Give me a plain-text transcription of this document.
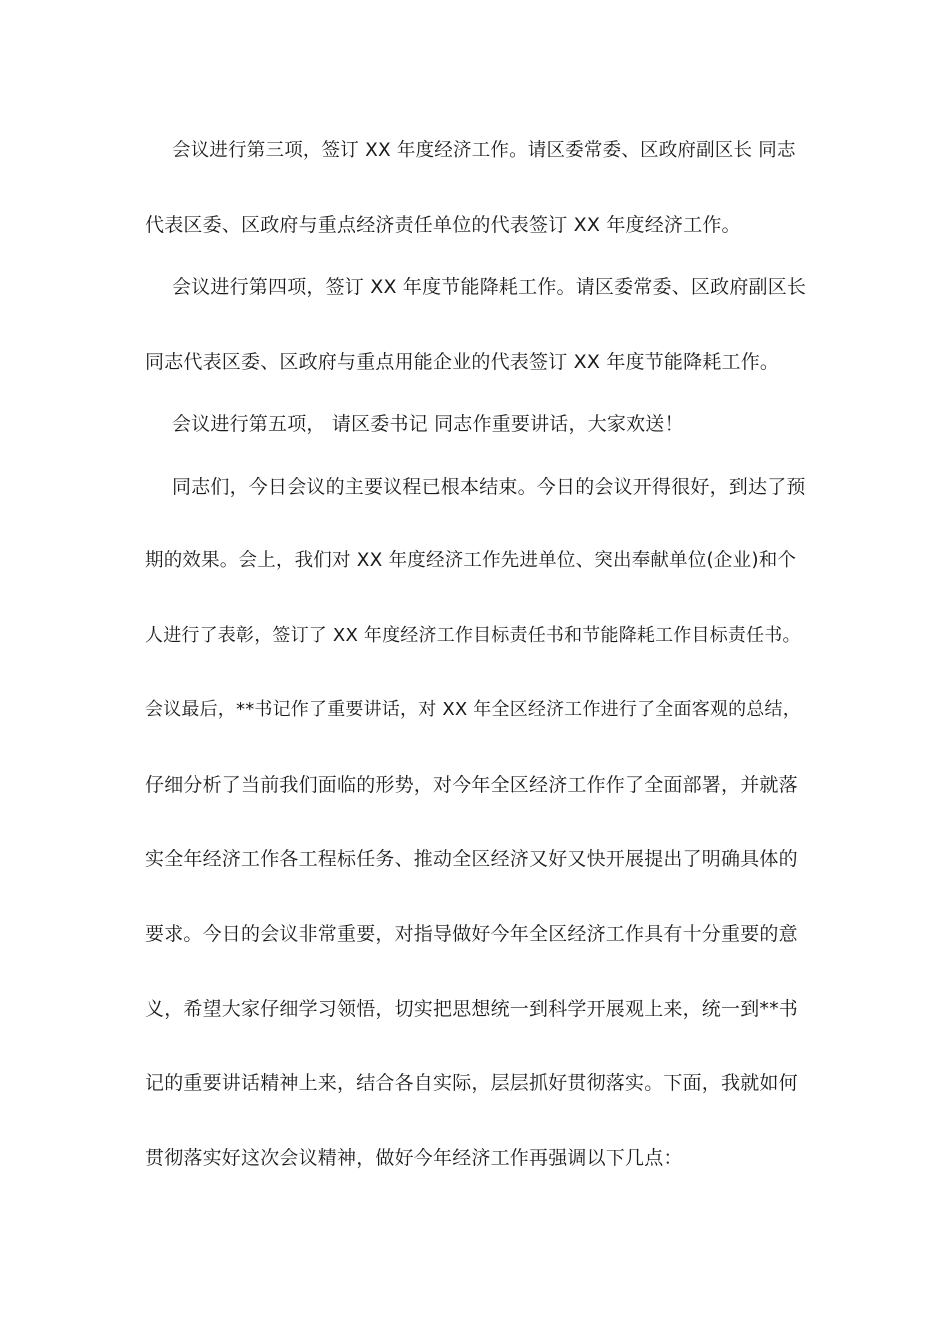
会议进行第三项，签订 XX 年度经济工作。请区委常委、区政府副区长 同志
代表区委、区政府与重点经济责任单位的代表签订 XX 年度经济工作。
会议进行第四项，签订 XX 年度节能降耗工作。请区委常委、区政府副区长
同志代表区委、区政府与重点用能企业的代表签订 XX 年度节能降耗工作。
会议进行第五项， 请区委书记 同志作重要讲话，大家欢送！
同志们，今日会议的主要议程已根本结束。今日的会议开得很好，到达了预
期的效果。会上，我们对 XX 年度经济工作先进单位、突出奉献单位(企业)和个
人进行了表彰，签订了 XX 年度经济工作目标责任书和节能降耗工作目标责任书。
会议最后，**书记作了重要讲话，对 XX 年全区经济工作进行了全面客观的总结，
仔细分析了当前我们面临的形势，对今年全区经济工作作了全面部署，并就落
实全年经济工作各工程标任务、推动全区经济又好又快开展提出了明确具体的
要求。今日的会议非常重要，对指导做好今年全区经济工作具有十分重要的意
义，希望大家仔细学习领悟，切实把思想统一到科学开展观上来，统一到**书
记的重要讲话精神上来，结合各自实际，层层抓好贯彻落实。下面，我就如何
贯彻落实好这次会议精神，做好今年经济工作再强调以下几点：
